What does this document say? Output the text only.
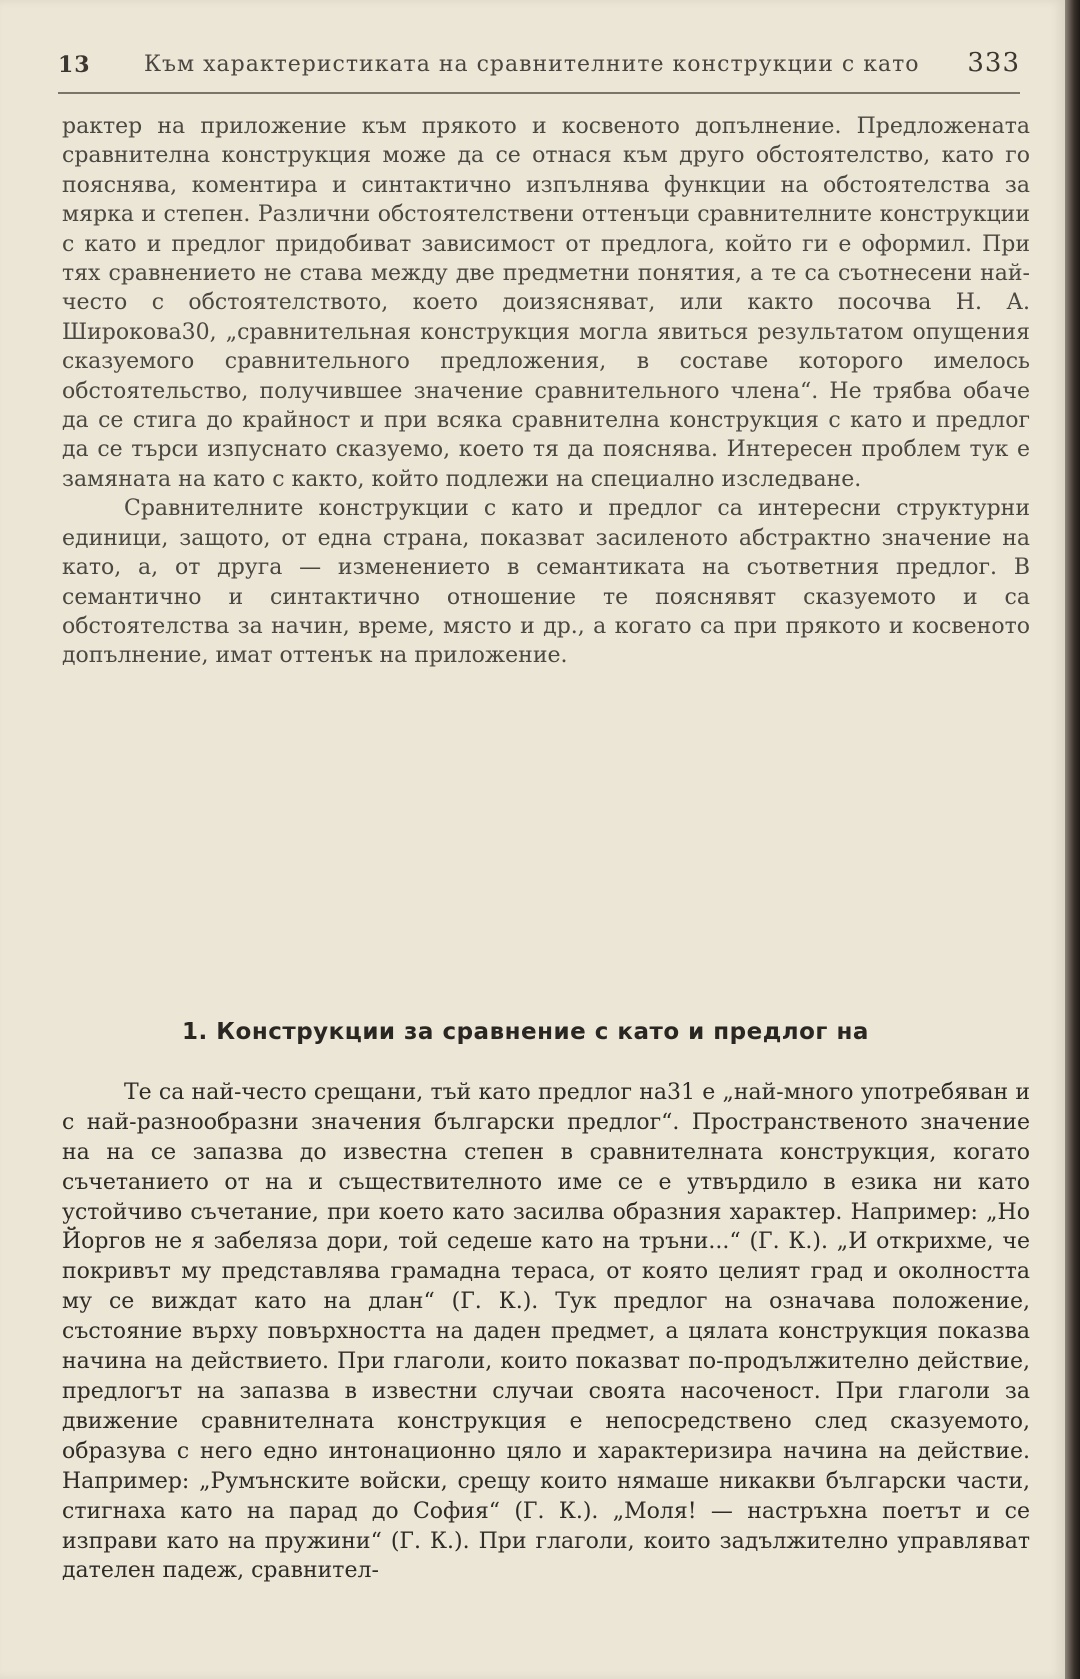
13 Към характеристиката на сравнителните конструкции с като 333

рактер на приложение към прякото и косвеното допълнение. Предложената сравнителна конструкция може да се отнася към друго обстоятелство, като го пояснява, коментира и синтактично изпълнява функции на обстоятелства за мярка и степен. Различни обстоятелствени оттенъци сравнителните конструкции с като и предлог придобиват зависимост от предлога, който ги е оформил. При тях сравнението не става между две предметни понятия, а те са съотнесени най-често с обстоятелството, което доизясняват, или както посочва Н. А. Широкова30, „сравнительная конструкция могла явиться результатом опущения сказуемого сравнительного предложения, в составе которого имелось обстоятельство, получившее значение сравнительного члена“. Не трябва обаче да се стига до крайност и при всяка сравнителна конструкция с като и предлог да се търси изпуснато сказуемо, което тя да пояснява. Интересен проблем тук е замяната на като с както, който подлежи на специално изследване.

Сравнителните конструкции с като и предлог са интересни структурни единици, защото, от една страна, показват засиленото абстрактно значение на като, а, от друга — изменението в семантиката на съответния предлог. В семантично и синтактично отношение те пояснявят сказуемото и са обстоятелства за начин, време, място и др., а когато са при прякото и косвеното допълнение, имат оттенък на приложение.

1. Конструкции за сравнение с като и предлог на

Те са най-често срещани, тъй като предлог на31 е „най-много употребяван и с най-разнообразни значения български предлог“. Пространственото значение на на се запазва до известна степен в сравнителната конструкция, когато съчетанието от на и съществителното име се е утвърдило в езика ни като устойчиво съчетание, при което като засилва образния характер. Например: „Но Йоргов не я забеляза дори, той седеше като на тръни...“ (Г. К.). „И открихме, че покривът му представлява грамадна тераса, от която целият град и околността му се виждат като на длан“ (Г. К.). Тук предлог на означава положение, състояние върху повърхността на даден предмет, а цялата конструкция показва начина на действието. При глаголи, които показват по-продължително действие, предлогът на запазва в известни случаи своята насоченост. При глаголи за движение сравнителната конструкция е непосредствено след сказуемото, образува с него едно интонационно цяло и характеризира начина на действие. Например: „Румънските войски, срещу които нямаше никакви български части, стигнаха като на парад до София“ (Г. К.). „Моля! — настръхна поетът и се изправи като на пружини“ (Г. К.). При глаголи, които задължително управляват дателен падеж, сравнител-
